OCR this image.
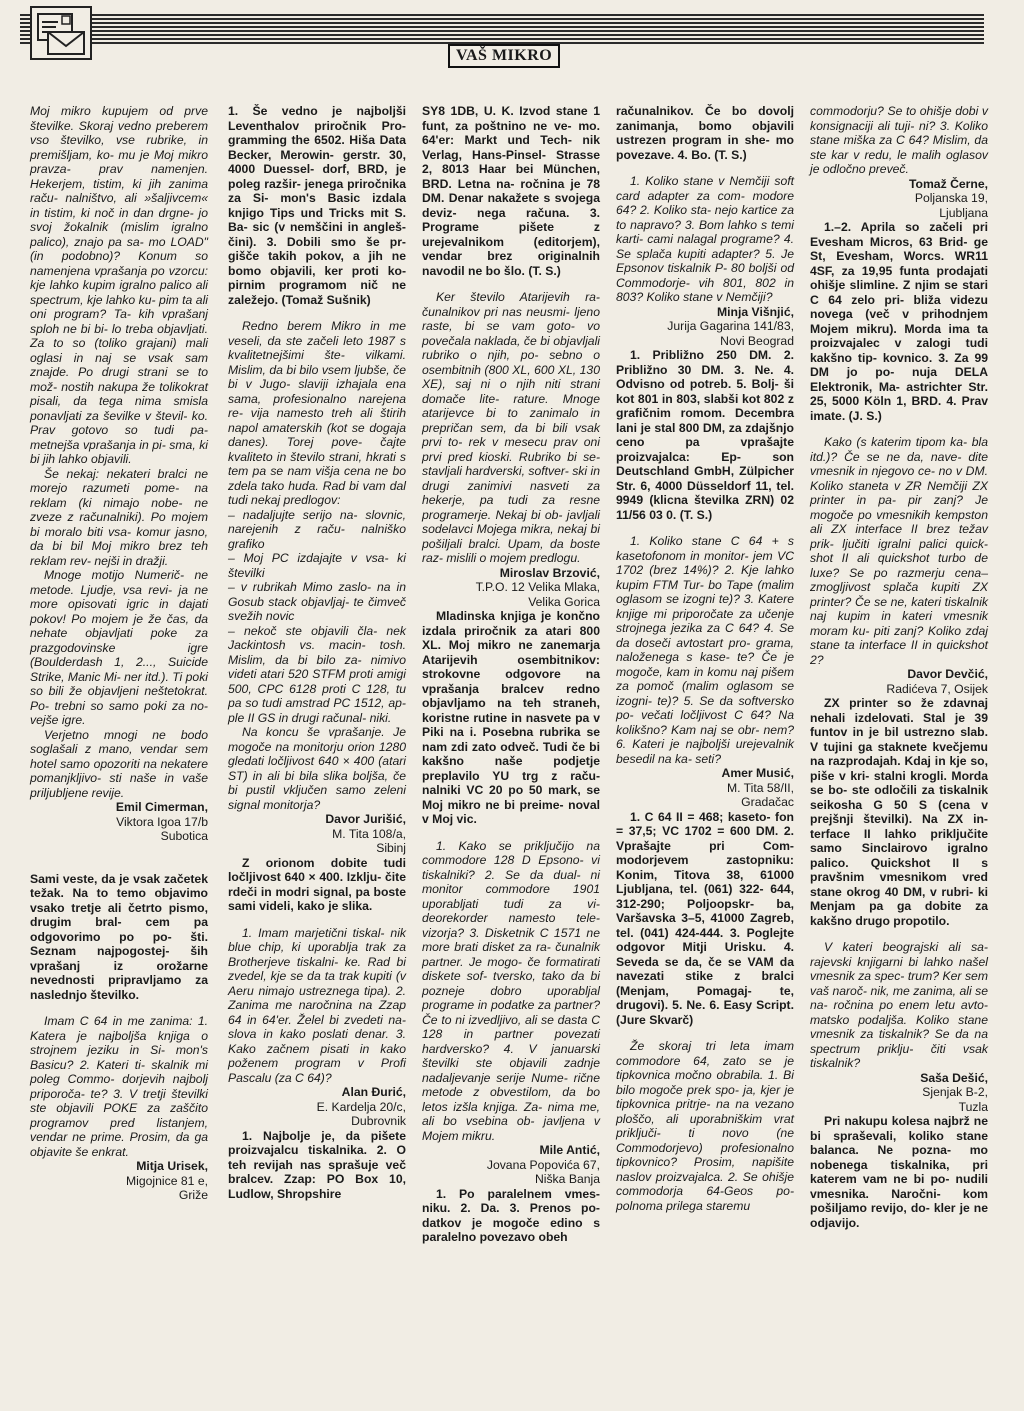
VAŠ MIKRO

Moj mikro kupujem od prve številke. Skoraj vedno preberem vso številko, vse rubrike, in premišljam, ko- mu je Moj mikro pravza- prav namenjen. Hekerjem, tistim, ki jih zanima raču- nalništvo, ali »šaljivcem« in tistim, ki noč in dan drgne- jo svoj žokalnik (mislim igralno palico), znajo pa sa- mo LOAD"(in podobno)? Konum so namenjena vprašanja po vzorcu: kje lahko kupim igralno palico ali spectrum, kje lahko ku- pim ta ali oni program? Ta- kih vprašanj sploh ne bi bi- lo treba objavljati. Za to so (toliko grajani) mali oglasi in naj se vsak sam znajde. Po drugi strani se to mož- nostih nakupa že tolikokrat pisali, da tega nima smisla ponavljati za ševilke v števil- ko. Prav gotovo so tudi pa- metnejša vprašanja in pi- sma, ki bi jih lahko objavili.

Še nekaj: nekateri bralci ne morejo razumeti pome- na reklam (ki nimajo nobe- ne zveze z računalniki). Po mojem bi moralo biti vsa- komur jasno, da bi bil Moj mikro brez teh reklam rev- nejši in dražji.

Mnoge motijo Numerič- ne metode. Ljudje, vsa revi- ja ne more opisovati igric in dajati pokov! Po mojem je že čas, da nehate objavljati poke za prazgodovinske igre (Boulderdash 1, 2..., Suicide Strike, Manic Mi- ner itd.). Ti poki so bili že objavljeni neštetokrat. Po- trebni so samo poki za no- vejše igre.

Verjetno mnogi ne bodo soglašali z mano, vendar sem hotel samo opozoriti na nekatere pomanjkljivo- sti naše in vaše priljubljene revije.

Emil Cimerman,

Viktora Igoa 17/b

Subotica

Sami veste, da je vsak začetek težak. Na to temo objavimo vsako tretje ali četrto pismo, drugim bral- cem pa odgovorimo po po- šti. Seznam najpogostej- ših vprašanj iz orožarne nevednosti pripravljamo za naslednjo številko.

Imam C 64 in me zanima: 1. Katera je najboljša knjiga o strojnem jeziku in Si- mon's Basicu? 2. Kateri ti- skalnik mi poleg Commo- dorjevih najbolj priporoča- te? 3. V tretji številki ste objavili POKE za zaščito programov pred listanjem, vendar ne prime. Prosim, da ga objavite še enkrat.

Mitja Urisek,

Migojnice 81 e,

Griže

1. Še vedno je najboljši Leventhalov priročnik Pro- gramming the 6502. Hiša Data Becker, Merowin- gerstr. 30, 4000 Duessel- dorf, BRD, je poleg razšir- jenega priročnika za Si- mon's Basic izdala knjigo Tips und Tricks mit S. Ba- sic (v nemščini in angleš- čini). 3. Dobili smo še pr- gišče takih pokov, a jih ne bomo objavili, ker proti ko- pirnim programom nič ne zaležejo. (Tomaž Sušnik)

Redno berem Mikro in me veseli, da ste začeli leto 1987 s kvalitetnejšimi šte- vilkami. Mislim, da bi bilo vsem ljubše, če bi v Jugo- slaviji izhajala ena sama, profesionalno narejena re- vija namesto treh ali štirih napol amaterskih (kot se dogaja danes). Torej pove- čajte kvaliteto in število strani, hkrati s tem pa se nam višja cena ne bo zdela tako huda. Rad bi vam dal tudi nekaj predlogov:

– nadaljujte serijo na- slovnic, narejenih z raču- nalniško grafiko
– Moj PC izdajajte v vsa- ki številki
– v rubrikah Mimo zaslo- na in Gosub stack objavljaj- te čimveč svežih novic
– nekoč ste objavili čla- nek Jackintosh vs. macin- tosh. Mislim, da bi bilo za- nimivo videti atari 520 STFM proti amigi 500, CPC 6128 proti C 128, tu pa so tudi amstrad PC 1512, ap- ple II GS in drugi računal- niki.

Na koncu še vprašanje. Je mogoče na monitorju orion 1280 gledati ločljivost 640 × 400 (atari ST) in ali bi bila slika boljša, če bi pustil vključen samo zeleni signal monitorja?

Davor Jurišić,

M. Tita 108/a,

Sibinj

Z orionom dobite tudi ločljivost 640 × 400. Izklju- čite rdeči in modri signal, pa boste sami videli, kako je slika.

1. Imam marjetični tiskal- nik blue chip, ki uporablja trak za Brotherjeve tiskalni- ke. Rad bi zvedel, kje se da ta trak kupiti (v Aeru nimajo ustreznega tipa). 2. Zanima me naročnina na Zzap 64 in 64'er. Želel bi zvedeti na- slova in kako poslati denar. 3. Kako začnem pisati in kako poženem program v Profi Pascalu (za C 64)?

Alan Đurić,

E. Kardelja 20/c,

Dubrovnik

1. Najbolje je, da pišete proizvajalcu tiskalnika. 2. O teh revijah nas sprašuje več bralcev. Zzap: PO Box 10, Ludlow, Shropshire

SY8 1DB, U. K. Izvod stane 1 funt, za poštnino ne ve- mo. 64'er: Markt und Tech- nik Verlag, Hans-Pinsel- Strasse 2, 8013 Haar bei München, BRD. Letna na- ročnina je 78 DM. Denar nakažete s svojega deviz- nega računa. 3. Programe pišete z urejevalnikom (editorjem), vendar brez originalnih navodil ne bo šlo. (T. S.)

Ker število Atarijevih ra- čunalnikov pri nas neusmi- ljeno raste, bi se vam goto- vo povečala naklada, če bi objavljali rubriko o njih, po- sebno o osembitnih (800 XL, 600 XL, 130 XE), saj ni o njih niti strani domače lite- rature. Mnoge atarijevce bi to zanimalo in prepričan sem, da bi bili vsak prvi to- rek v mesecu prav oni prvi pred kioski. Rubriko bi se- stavljali hardverski, softver- ski in drugi zanimivi nasveti za hekerje, pa tudi za resne programerje. Nekaj bi ob- javljali sodelavci Mojega mikra, nekaj bi pošiljali bralci. Upam, da boste raz- mislili o mojem predlogu.

Miroslav Brzović,

T.P.O. 12 Velika Mlaka,

Velika Gorica

Mladinska knjiga je končno izdala priročnik za atari 800 XL. Moj mikro ne zanemarja Atarijevih osembitnikov: strokovne odgovore na vprašanja bralcev redno objavljamo na teh straneh, koristne rutine in nasvete pa v Piki na i. Posebna rubrika se nam zdi zato odveč. Tudi če bi kakšno naše podjetje preplavilo YU trg z raču- nalniki VC 20 po 50 mark, se Moj mikro ne bi preime- noval v Moj vic.

1. Kako se priključijo na commodore 128 D Epsono- vi tiskalniki? 2. Se da dual- ni monitor commodore 1901 uporabljati tudi za vi- deorekorder namesto tele- vizorja? 3. Disketnik C 1571 ne more brati disket za ra- čunalnik partner. Je mogo- če formatirati diskete sof- tversko, tako da bi pozneje dobro uporabljal programe in podatke za partner? Če to ni izvedljivo, ali se dasta C 128 in partner povezati hardversko? 4. V januarski številki ste objavili zadnje nadaljevanje serije Nume- rične metode z obvestilom, da bo letos izšla knjiga. Za- nima me, ali bo vsebina ob- javljena v Mojem mikru.

Mile Antić,

Jovana Popovića 67,

Niška Banja

1. Po paralelnem vmes- niku. 2. Da. 3. Prenos po- datkov je mogoče edino s paralelno povezavo obeh

računalnikov. Če bo dovolj zanimanja, bomo objavili ustrezen program in she- mo povezave. 4. Bo. (T. S.)

1. Koliko stane v Nemčiji soft card adapter za com- modore 64? 2. Koliko sta- nejo kartice za to napravo? 3. Bom lahko s temi karti- cami nalagal programe? 4. Se splača kupiti adapter? 5. Je Epsonov tiskalnik P- 80 boljši od Commodorje- vih 801, 802 in 803? Koliko stane v Nemčiji?

Minja Višnjić,

Jurija Gagarina 141/83,

Novi Beograd

1. Približno 250 DM. 2. Približno 30 DM. 3. Ne. 4. Odvisno od potreb. 5. Bolj- ši kot 801 in 803, slabši kot 802 z grafičnim romom. Decembra lani je stal 800 DM, za zdajšnjo ceno pa vprašajte proizvajalca: Ep- son Deutschland GmbH, Zülpicher Str. 6, 4000 Düsseldorf 11, tel. 9949 (klicna številka ZRN) 02 11/56 03 0. (T. S.)

1. Koliko stane C 64 + s kasetofonom in monitor- jem VC 1702 (brez 14%)? 2. Kje lahko kupim FTM Tur- bo Tape (malim oglasom se izogni te)? 3. Katere knjige mi priporočate za učenje strojnega jezika za C 64? 4. Se da doseči avtostart pro- grama, naloženega s kase- te? Če je mogoče, kam in komu naj pišem za pomoč (malim oglasom se izogni- te)? 5. Se da softversko po- večati ločljivost C 64? Na kolikšno? Kam naj se obr- nem? 6. Kateri je najboljši urejevalnik besedil na ka- seti?

Amer Musić,

M. Tita 58/II,

Gradačac

1. C 64 II = 468; kaseto- fon = 37,5; VC 1702 = 600 DM. 2. Vprašajte pri Com- modorjevem zastopniku: Konim, Titova 38, 61000 Ljubljana, tel. (061) 322- 644, 312-290; Poljoopskr- ba, Varšavska 3–5, 41000 Zagreb, tel. (041) 424-444. 3. Poglejte odgovor Mitji Urisku. 4. Seveda se da, če se VAM da navezati stike z bralci (Menjam, Pomagaj- te, drugovi). 5. Ne. 6. Easy Script. (Jure Skvarč)

Že skoraj tri leta imam commodore 64, zato se je tipkovnica močno obrabila. 1. Bi bilo mogoče prek spo- ja, kjer je tipkovnica pritrje- na na vezano ploščo, ali uporabniškim vrat priključi- ti novo (ne Commodorjevo) profesionalno tipkovnico? Prosim, napišite naslov proizvajalca. 2. Se ohišje commodorja 64-Geos po- polnoma prilega staremu

commodorju? Se to ohišje dobi v konsignaciji ali tuji- ni? 3. Koliko stane miška za C 64? Mislim, da ste kar v redu, le malih oglasov je odločno preveč.

Tomaž Černe,

Poljanska 19,

Ljubljana

1.–2. Aprila so začeli pri Evesham Micros, 63 Brid- ge St, Evesham, Worcs. WR11 4SF, za 19,95 funta prodajati ohišje slimline. Z njim se stari C 64 zelo pri- bliža videzu novega (več v prihodnjem Mojem mikru). Morda ima ta proizvajalec v zalogi tudi kakšno tip- kovnico. 3. Za 99 DM jo po- nuja DELA Elektronik, Ma- astrichter Str. 25, 5000 Köln 1, BRD. 4. Prav imate. (J. S.)

Kako (s katerim tipom ka- bla itd.)? Če se ne da, nave- dite vmesnik in njegovo ce- no v DM. Koliko staneta v ZR Nemčiji ZX printer in pa- pir zanj? Je mogoče po vmesnikih kempston ali ZX interface II brez težav prik- ljučiti igralni palici quick- shot II ali quickshot turbo de luxe? Se po razmerju cena–zmogljivost splača kupiti ZX printer? Če se ne, kateri tiskalnik naj kupim in kateri vmesnik moram ku- piti zanj? Koliko zdaj stane ta interface II in quickshot 2?

Davor Devčić,

Radićeva 7, Osijek

ZX printer so že zdavnaj nehali izdelovati. Stal je 39 funtov in je bil ustrezno slab. V tujini ga staknete kvečjemu na razprodajah. Kdaj in kje so, piše v kri- stalni krogli. Morda se bo- ste odločili za tiskalnik seikosha G 50 S (cena v prejšnji številki). Na ZX in- terface II lahko priključite samo Sinclairovo igralno palico. Quickshot II s pravšnim vmesnikom vred stane okrog 40 DM, v rubri- ki Menjam pa ga dobite za kakšno drugo propotilo.

V kateri beograjski ali sa- rajevski knjigarni bi lahko našel vmesnik za spec- trum? Ker sem vaš naroč- nik, me zanima, ali se na- ročnina po enem letu avto- matsko podaljša. Koliko stane vmesnik za tiskalnik? Se da na spectrum priklju- čiti vsak tiskalnik?

Saša Dešić,

Sjenjak B-2,

Tuzla

Pri nakupu kolesa najbrž ne bi spraševali, koliko stane balanca. Ne pozna- mo nobenega tiskalnika, pri katerem vam ne bi po- nudili vmesnika. Naročni- kom pošiljamo revijo, do- kler je ne odjavijo.
